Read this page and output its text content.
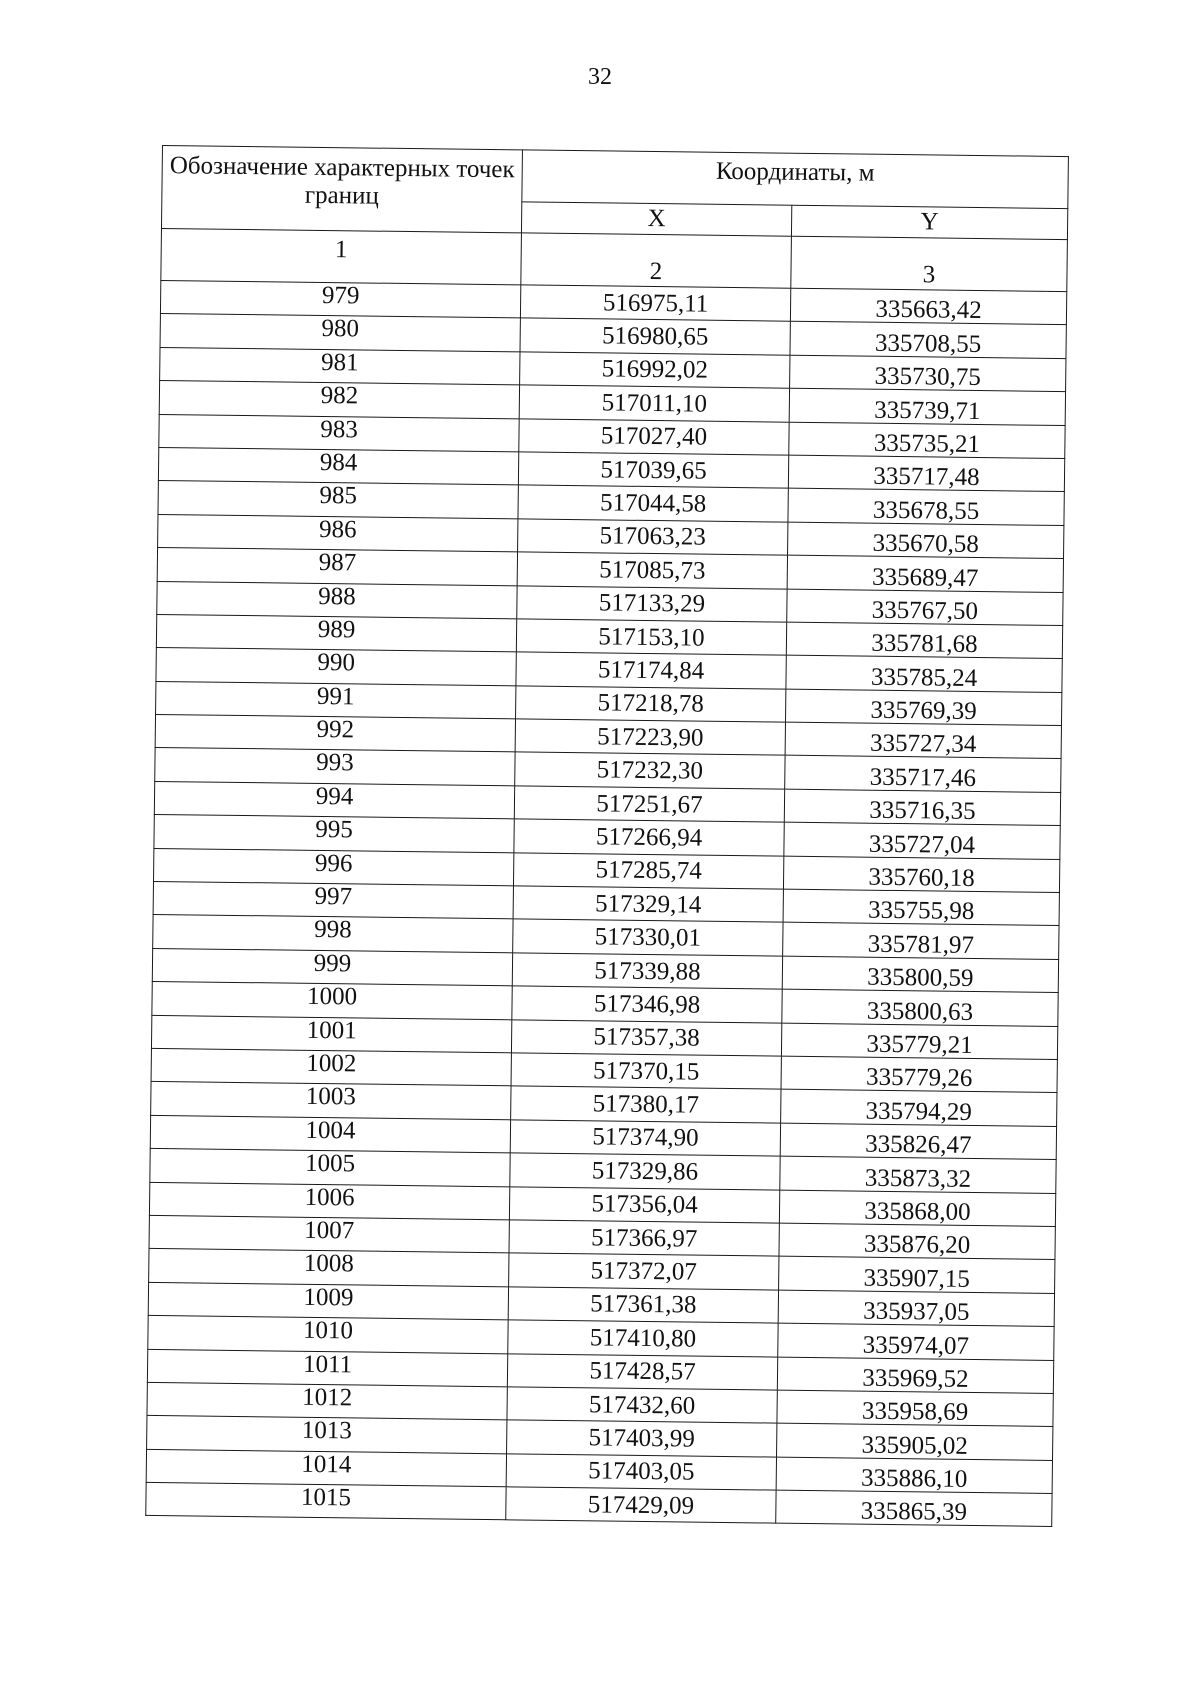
32
Обозначение характерных точек границ	Координаты, м	
	X	Y
1	2	3
979	516975,11	335663,42
980	516980,65	335708,55
981	516992,02	335730,75
982	517011,10	335739,71
983	517027,40	335735,21
984	517039,65	335717,48
985	517044,58	335678,55
986	517063,23	335670,58
987	517085,73	335689,47
988	517133,29	335767,50
989	517153,10	335781,68
990	517174,84	335785,24
991	517218,78	335769,39
992	517223,90	335727,34
993	517232,30	335717,46
994	517251,67	335716,35
995	517266,94	335727,04
996	517285,74	335760,18
997	517329,14	335755,98
998	517330,01	335781,97
999	517339,88	335800,59
1000	517346,98	335800,63
1001	517357,38	335779,21
1002	517370,15	335779,26
1003	517380,17	335794,29
1004	517374,90	335826,47
1005	517329,86	335873,32
1006	517356,04	335868,00
1007	517366,97	335876,20
1008	517372,07	335907,15
1009	517361,38	335937,05
1010	517410,80	335974,07
1011	517428,57	335969,52
1012	517432,60	335958,69
1013	517403,99	335905,02
1014	517403,05	335886,10
1015	517429,09	335865,39
